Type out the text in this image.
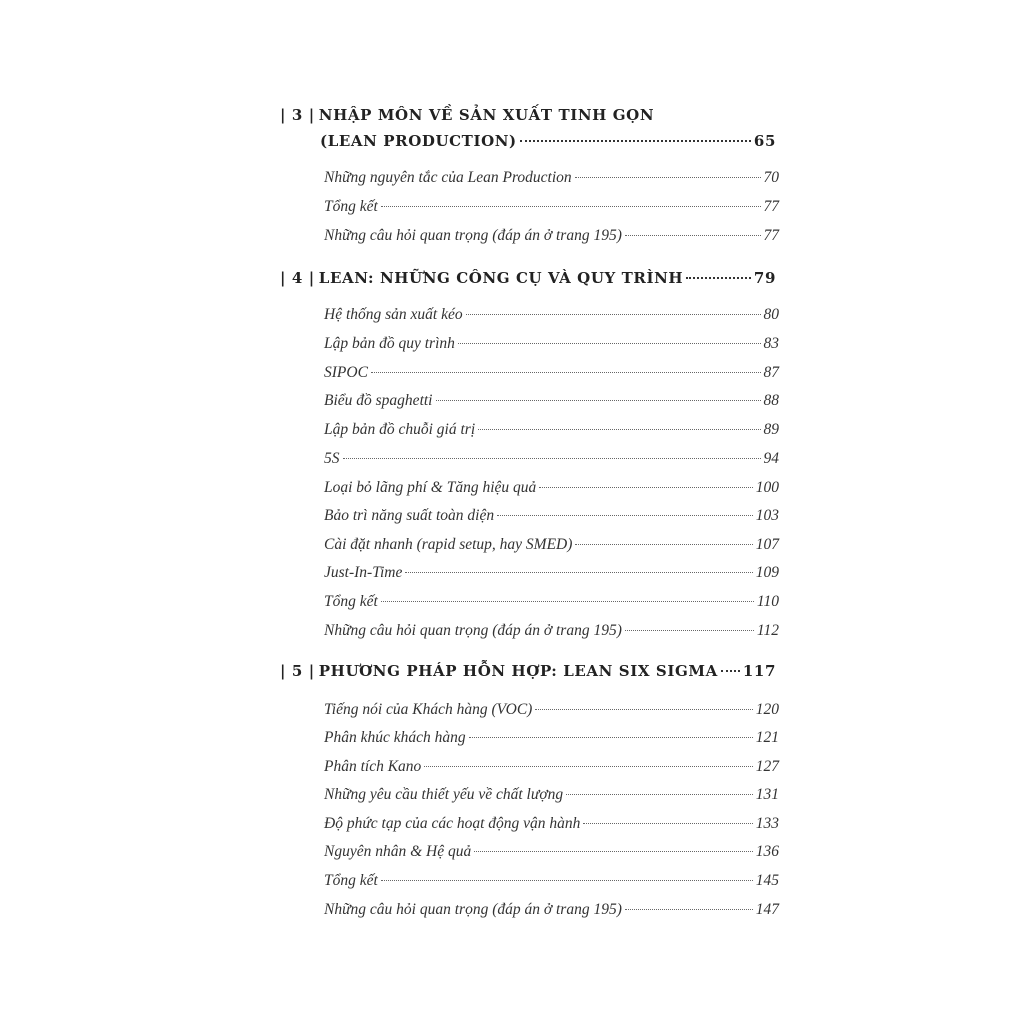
| 3 | NHẬP MÔN VỀ SẢN XUẤT TINH GỌN
(LEAN PRODUCTION)	65
Những nguyên tắc của Lean Production	70
Tổng kết	77
Những câu hỏi quan trọng (đáp án ở trang 195)	77
| 4 | LEAN: NHỮNG CÔNG CỤ VÀ QUY TRÌNH	79
Hệ thống sản xuất kéo	80
Lập bản đồ quy trình	83
SIPOC	87
Biểu đồ spaghetti	88
Lập bản đồ chuỗi giá trị	89
5S	94
Loại bỏ lãng phí & Tăng hiệu quả	100
Bảo trì năng suất toàn diện	103
Cài đặt nhanh (rapid setup, hay SMED)	107
Just-In-Time	109
Tổng kết	110
Những câu hỏi quan trọng (đáp án ở trang 195)	112
| 5 | PHƯƠNG PHÁP HỖN HỢP: LEAN SIX SIGMA 117
Tiếng nói của Khách hàng (VOC)	120
Phân khúc khách hàng	121
Phân tích Kano	127
Những yêu cầu thiết yếu về chất lượng	131
Độ phức tạp của các hoạt động vận hành	133
Nguyên nhân & Hệ quả	136
Tổng kết	145
Những câu hỏi quan trọng (đáp án ở trang 195)	147
